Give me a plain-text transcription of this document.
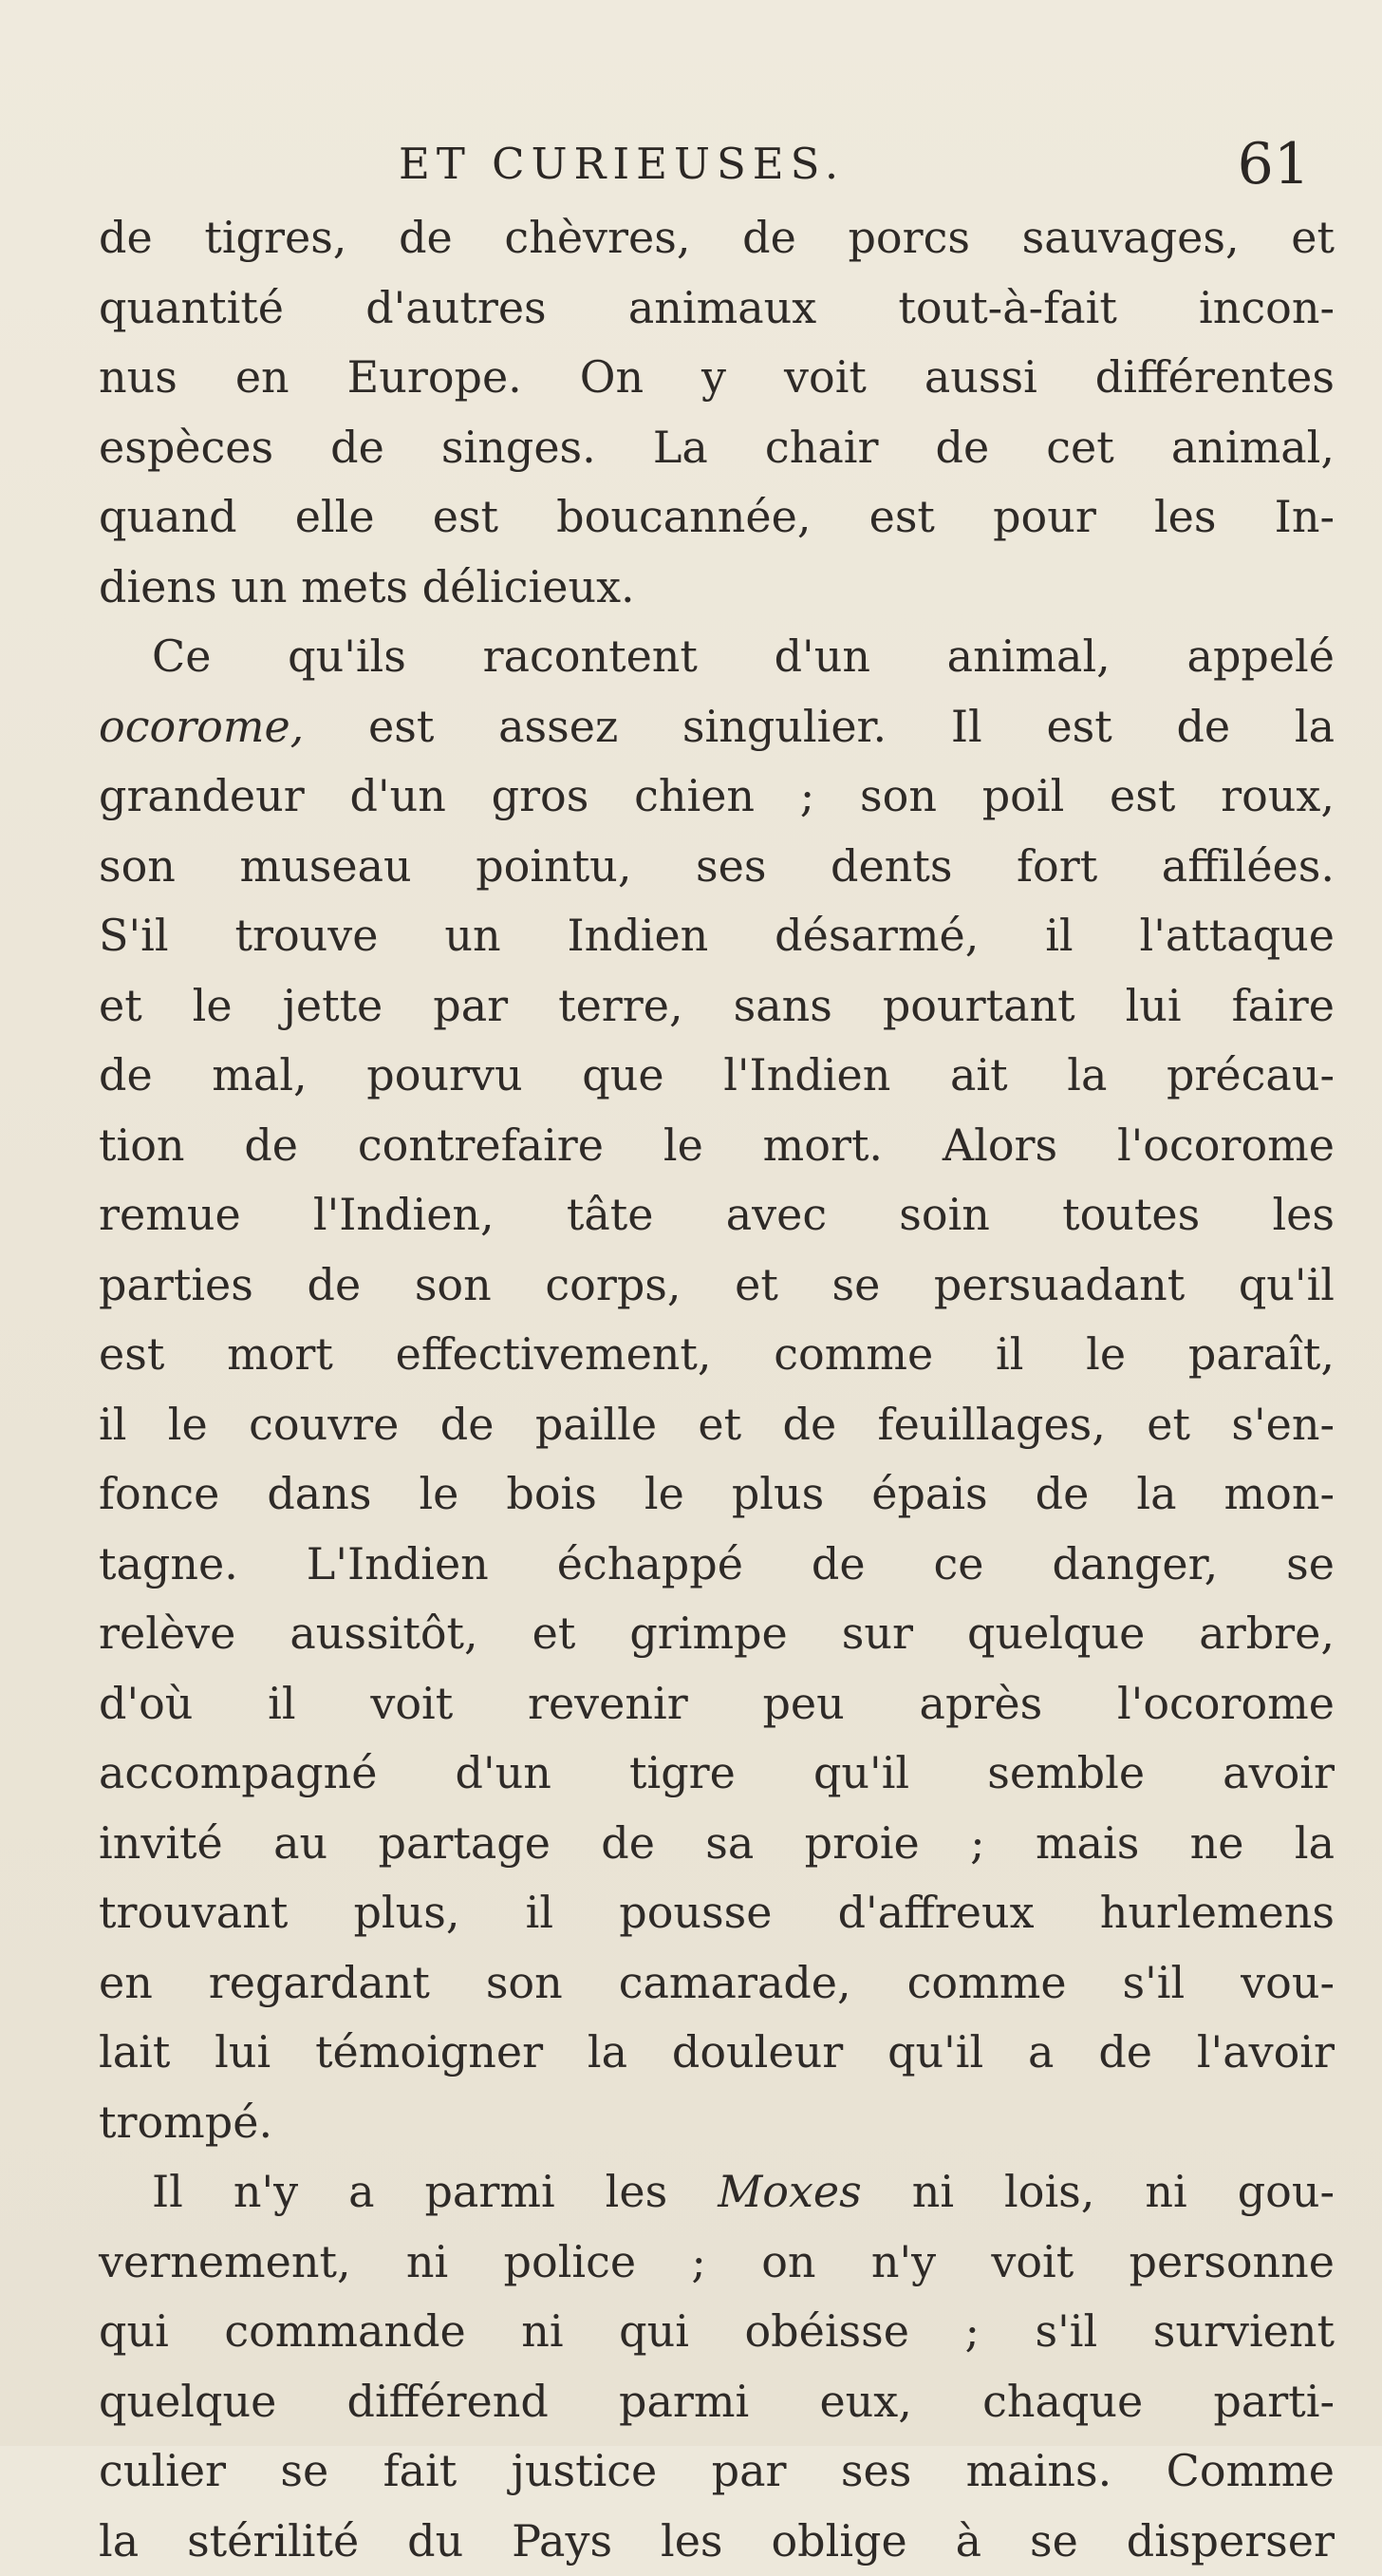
ET CURIEUSES.	61
de tigres, de chèvres, de porcs sauvages, et
quantité d'autres animaux tout-à-fait incon-
nus en Europe. On y voit aussi différentes
espèces de singes. La chair de cet animal,
quand elle est boucannée, est pour les In-
diens un mets délicieux.
Ce qu'ils racontent d'un animal, appelé
ocorome, est assez singulier. Il est de la
grandeur d'un gros chien ; son poil est roux,
son museau pointu, ses dents fort affilées.
S'il trouve un Indien désarmé, il l'attaque
et le jette par terre, sans pourtant lui faire
de mal, pourvu que l'Indien ait la précau-
tion de contrefaire le mort. Alors l'ocorome
remue l'Indien, tâte avec soin toutes les
parties de son corps, et se persuadant qu'il
est mort effectivement, comme il le paraît,
il le couvre de paille et de feuillages, et s'en-
fonce dans le bois le plus épais de la mon-
tagne. L'Indien échappé de ce danger, se
relève aussitôt, et grimpe sur quelque arbre,
d'où il voit revenir peu après l'ocorome
accompagné d'un tigre qu'il semble avoir
invité au partage de sa proie ; mais ne la
trouvant plus, il pousse d'affreux hurlemens
en regardant son camarade, comme s'il vou-
lait lui témoigner la douleur qu'il a de l'avoir
trompé.
Il n'y a parmi les Moxes ni lois, ni gou-
vernement, ni police ; on n'y voit personne
qui commande ni qui obéisse ; s'il survient
quelque différend parmi eux, chaque parti-
culier se fait justice par ses mains. Comme
la stérilité du Pays les oblige à se disperser
